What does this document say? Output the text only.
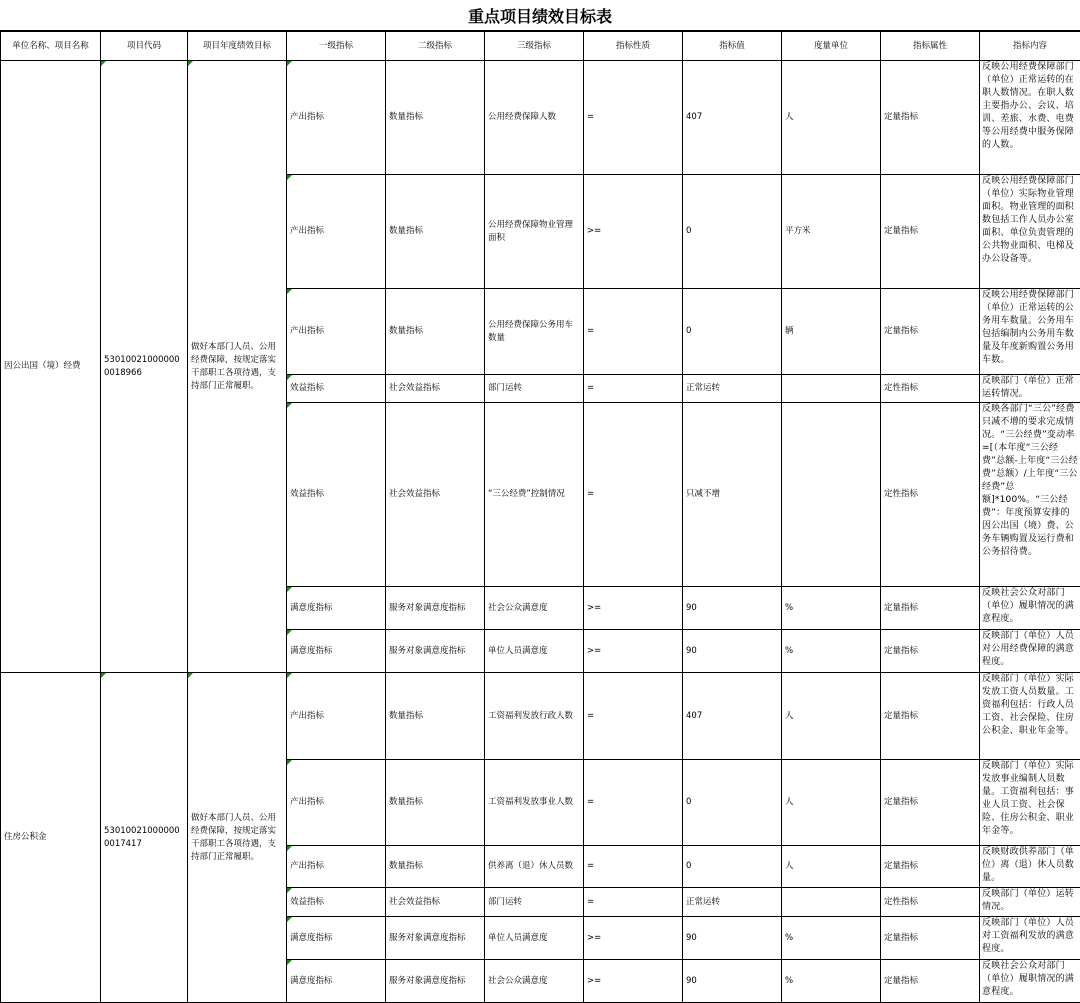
重点项目绩效目标表
单位名称、项目名称	项目代码	项目年度绩效目标	一级指标	二级指标	三级指标	指标性质	指标值	度量单位	指标属性	指标内容
因公出国（境）经费	530100210000000018966	做好本部门人员、公用经费保障，按规定落实干部职工各项待遇，支持部门正常履职。	产出指标	数量指标	公用经费保障人数	=	407	人	定量指标	反映公用经费保障部门（单位）正常运转的在职人数情况。在职人数主要指办公、会议、培训、差旅、水费、电费等公用经费中服务保障的人数。
			产出指标	数量指标	公用经费保障物业管理面积	>=	0	平方米	定量指标	反映公用经费保障部门（单位）实际物业管理面积。物业管理的面积数包括工作人员办公室面积、单位负责管理的公共物业面积、电梯及办公设备等。
			产出指标	数量指标	公用经费保障公务用车数量	=	0	辆	定量指标	反映公用经费保障部门（单位）正常运转的公务用车数量。公务用车包括编制内公务用车数量及年度新购置公务用车数。
			效益指标	社会效益指标	部门运转	=	正常运转		定性指标	反映部门（单位）正常运转情况。
			效益指标	社会效益指标	“三公经费”控制情况	=	只减不增		定性指标	反映各部门“三公”经费只减不增的要求完成情况。“三公经费”变动率=[（本年度“三公经费”总额-上年度“三公经费”总额）/上年度“三公经费”总额]*100%。“三公经费”：年度预算安排的因公出国（境）费、公务车辆购置及运行费和公务招待费。
			满意度指标	服务对象满意度指标	社会公众满意度	>=	90	%	定量指标	反映社会公众对部门（单位）履职情况的满意程度。
			满意度指标	服务对象满意度指标	单位人员满意度	>=	90	%	定量指标	反映部门（单位）人员对公用经费保障的满意程度。
住房公积金	530100210000000017417	做好本部门人员、公用经费保障，按规定落实干部职工各项待遇，支持部门正常履职。	产出指标	数量指标	工资福利发放行政人数	=	407	人	定量指标	反映部门（单位）实际发放工资人员数量。工资福利包括：行政人员工资、社会保险、住房公积金、职业年金等。
			产出指标	数量指标	工资福利发放事业人数	=	0	人	定量指标	反映部门（单位）实际发放事业编制人员数量。工资福利包括：事业人员工资、社会保险、住房公积金、职业年金等。
			产出指标	数量指标	供养离（退）休人员数	=	0	人	定量指标	反映财政供养部门（单位）离（退）休人员数量。
			效益指标	社会效益指标	部门运转	=	正常运转		定性指标	反映部门（单位）运转情况。
			满意度指标	服务对象满意度指标	单位人员满意度	>=	90	%	定量指标	反映部门（单位）人员对工资福利发放的满意程度。
			满意度指标	服务对象满意度指标	社会公众满意度	>=	90	%	定量指标	反映社会公众对部门（单位）履职情况的满意程度。
